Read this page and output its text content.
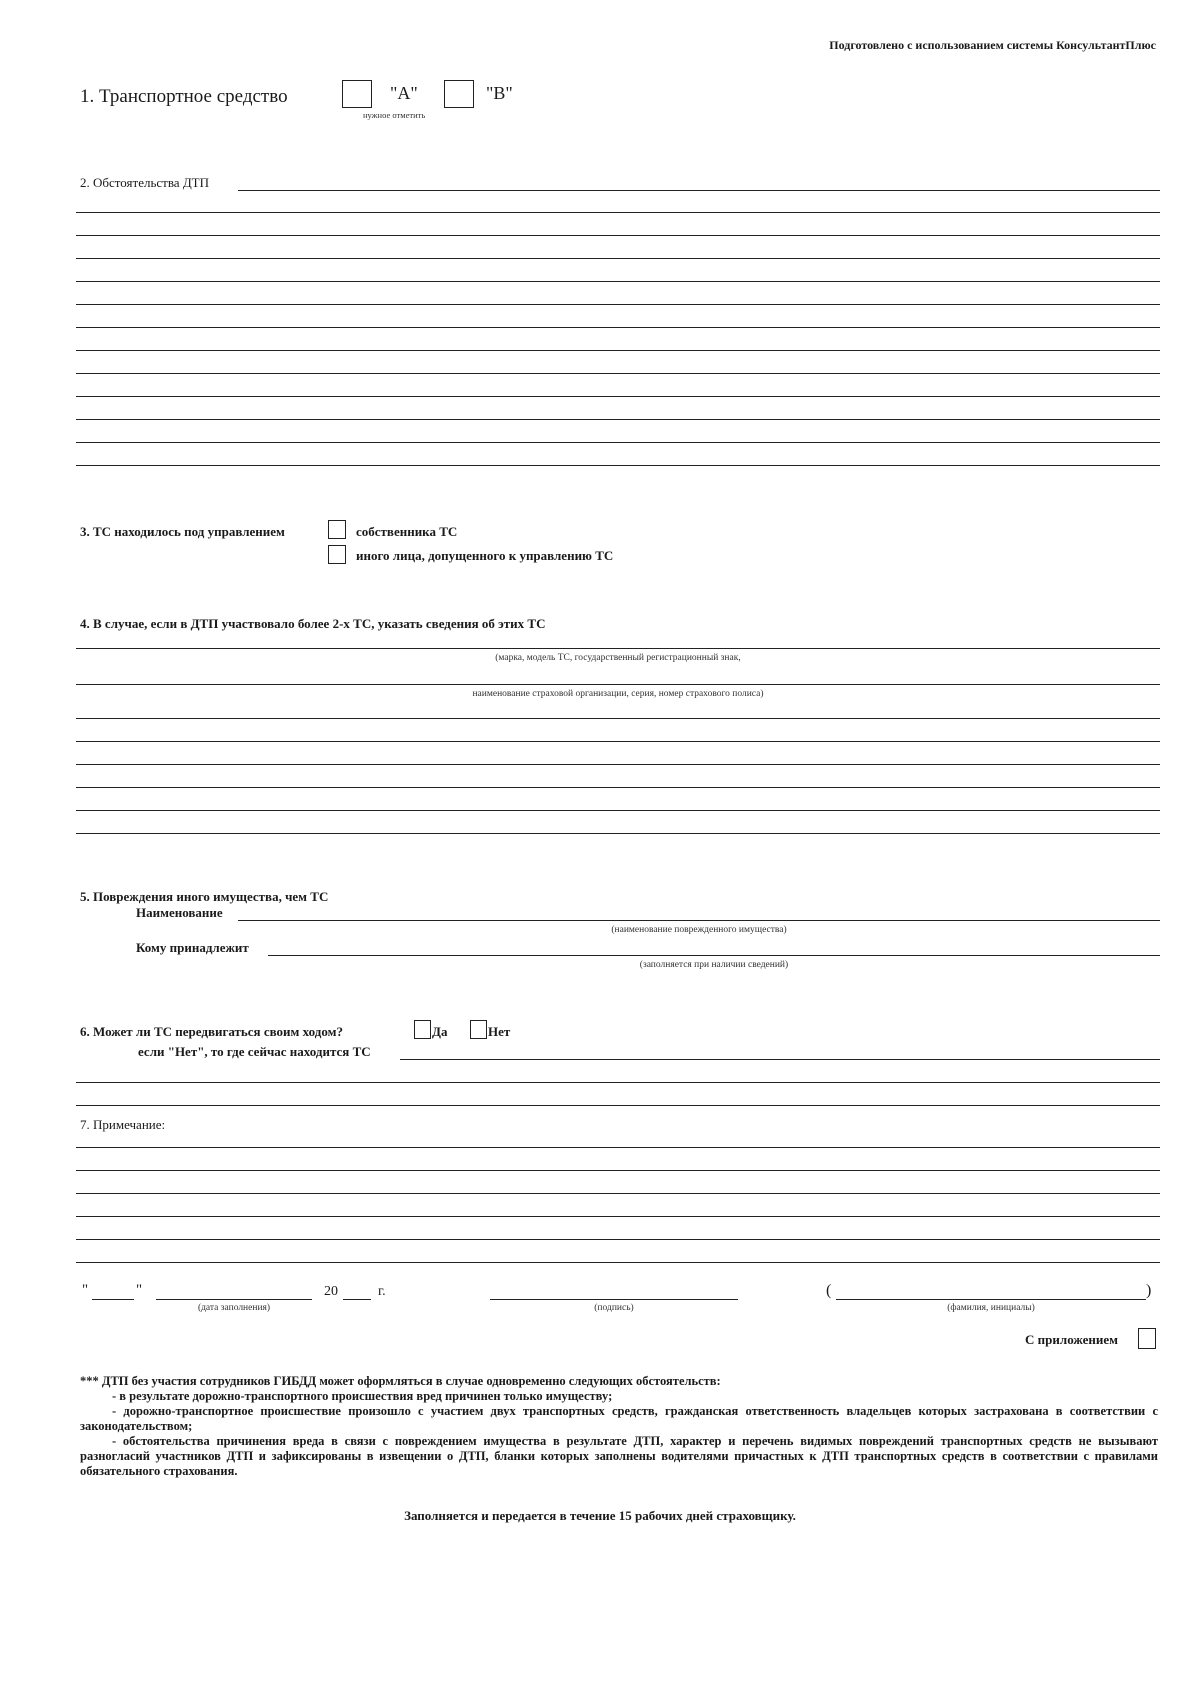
Подготовлено с использованием системы КонсультантПлюс
1. Транспортное средство	"А"	"В"
нужное отметить
2. Обстоятельства ДТП
3. ТС находилось под управлением	собственника ТС
иного лица, допущенного к управлению ТС
4. В случае, если в ДТП участвовало более 2-х ТС, указать сведения об этих ТС
(марка, модель ТС, государственный регистрационный знак,
наименование страховой организации, серия, номер страхового полиса)
5. Повреждения иного имущества, чем ТС
Наименование
(наименование поврежденного имущества)
Кому принадлежит
(заполняется при наличии сведений)
6. Может ли ТС передвигаться своим ходом?	Да	Нет
если "Нет", то где сейчас находится ТС
7. Примечание:
"	"
(дата заполнения)
20	г.
(подпись)
(	)
(фамилия, инициалы)
С приложением

*** ДТП без участия сотрудников ГИБДД может оформляться в случае одновременно следующих обстоятельств:

- в результате дорожно-транспортного происшествия вред причинен только имуществу;

- дорожно-транспортное происшествие произошло с участием двух транспортных средств, гражданская ответственность владельцев которых застрахована в соответствии с законодательством;

- обстоятельства причинения вреда в связи с повреждением имущества в результате ДТП, характер и перечень видимых повреждений транспортных средств не вызывают разногласий участников ДТП и зафиксированы в извещении о ДТП, бланки которых заполнены водителями причастных к ДТП транспортных средств в соответствии с правилами обязательного страхования.

Заполняется и передается в течение 15 рабочих дней страховщику.
